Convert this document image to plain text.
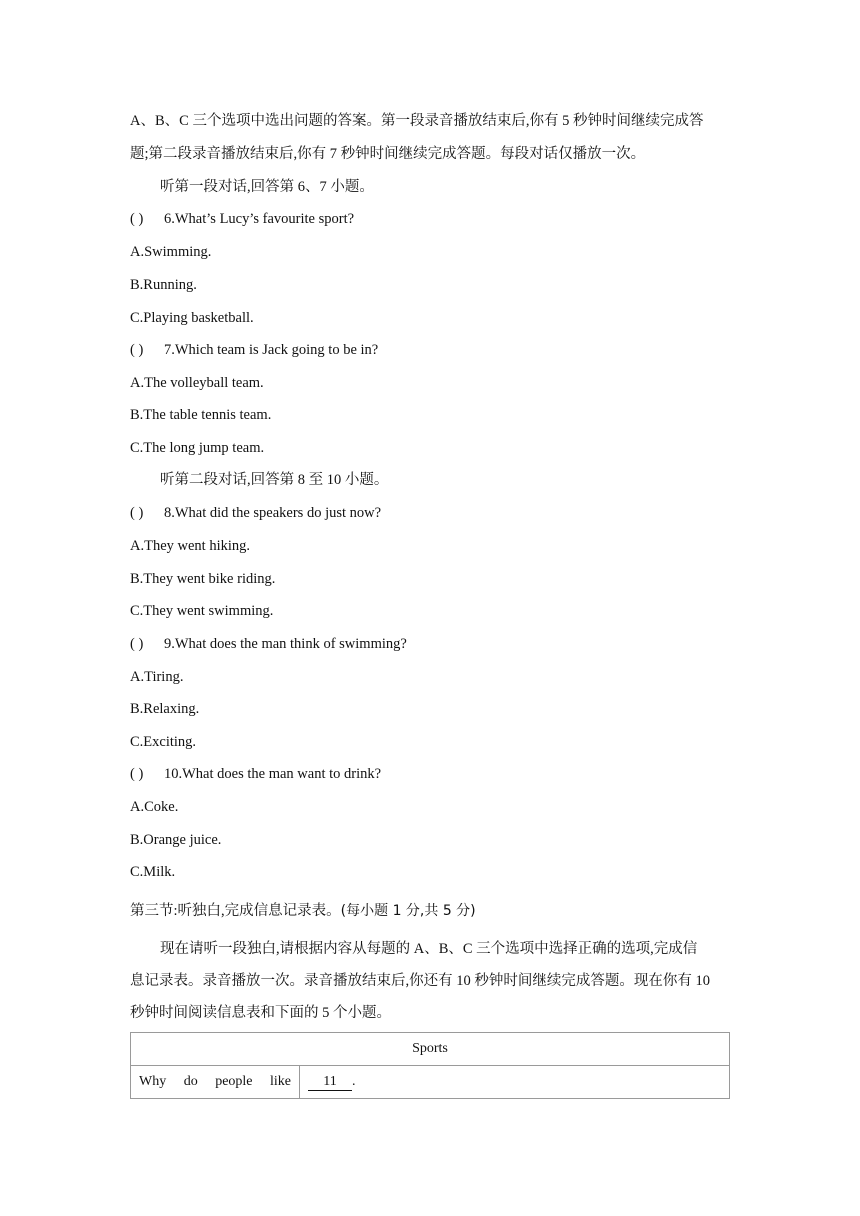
A、B、C 三个选项中选出问题的答案。第一段录音播放结束后,你有 5 秒钟时间继续完成答
题;第二段录音播放结束后,你有 7 秒钟时间继续完成答题。每段对话仅播放一次。
听第一段对话,回答第 6、7 小题。
( ) 6.What’s Lucy’s favourite sport?
A.Swimming.
B.Running.
C.Playing basketball.
( ) 7.Which team is Jack going to be in?
A.The volleyball team.
B.The table tennis team.
C.The long jump team.
听第二段对话,回答第 8 至 10 小题。
( ) 8.What did the speakers do just now?
A.They went hiking.
B.They went bike riding.
C.They went swimming.
( ) 9.What does the man think of swimming?
A.Tiring.
B.Relaxing.
C.Exciting.
( ) 10.What does the man want to drink?
A.Coke.
B.Orange juice.
C.Milk.
第三节:听独白,完成信息记录表。(每小题 1 分,共 5 分)
现在请听一段独白,请根据内容从每题的 A、B、C 三个选项中选择正确的选项,完成信
息记录表。录音播放一次。录音播放结束后,你还有 10 秒钟时间继续完成答题。现在你有 10
秒钟时间阅读信息表和下面的 5 个小题。
Sports
Why do people like	11 .
